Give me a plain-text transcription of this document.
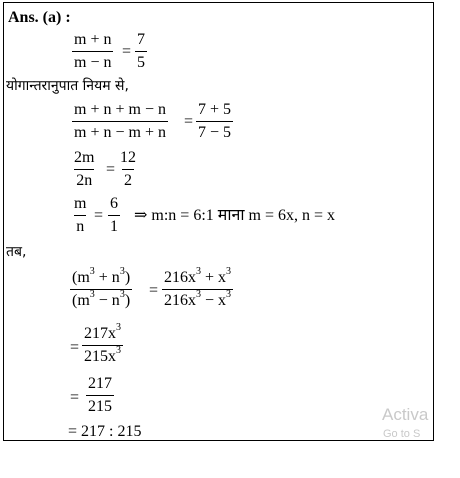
Ans. (a) :
$\frac{m + n}{m - n} = \frac{7}{5}$
योगान्तरानुपात नियम से,
$\frac{m + n + m - n}{m + n - m + n} = \frac{7 + 5}{7 - 5}$
$\frac{2m}{2n} = \frac{12}{2}$
$\frac{m}{n} = \frac{6}{1}$ ⇒ m:n = 6:1 माना m = 6x, n = x
तब,
$\frac{(m^3 + n^3)}{(m^3 - n^3)} = \frac{216x^3 + x^3}{216x^3 - x^3}$
= $\frac{217x^3}{215x^3}$
= $\frac{217}{215}$
= 217 : 215
Activa
Go to S
